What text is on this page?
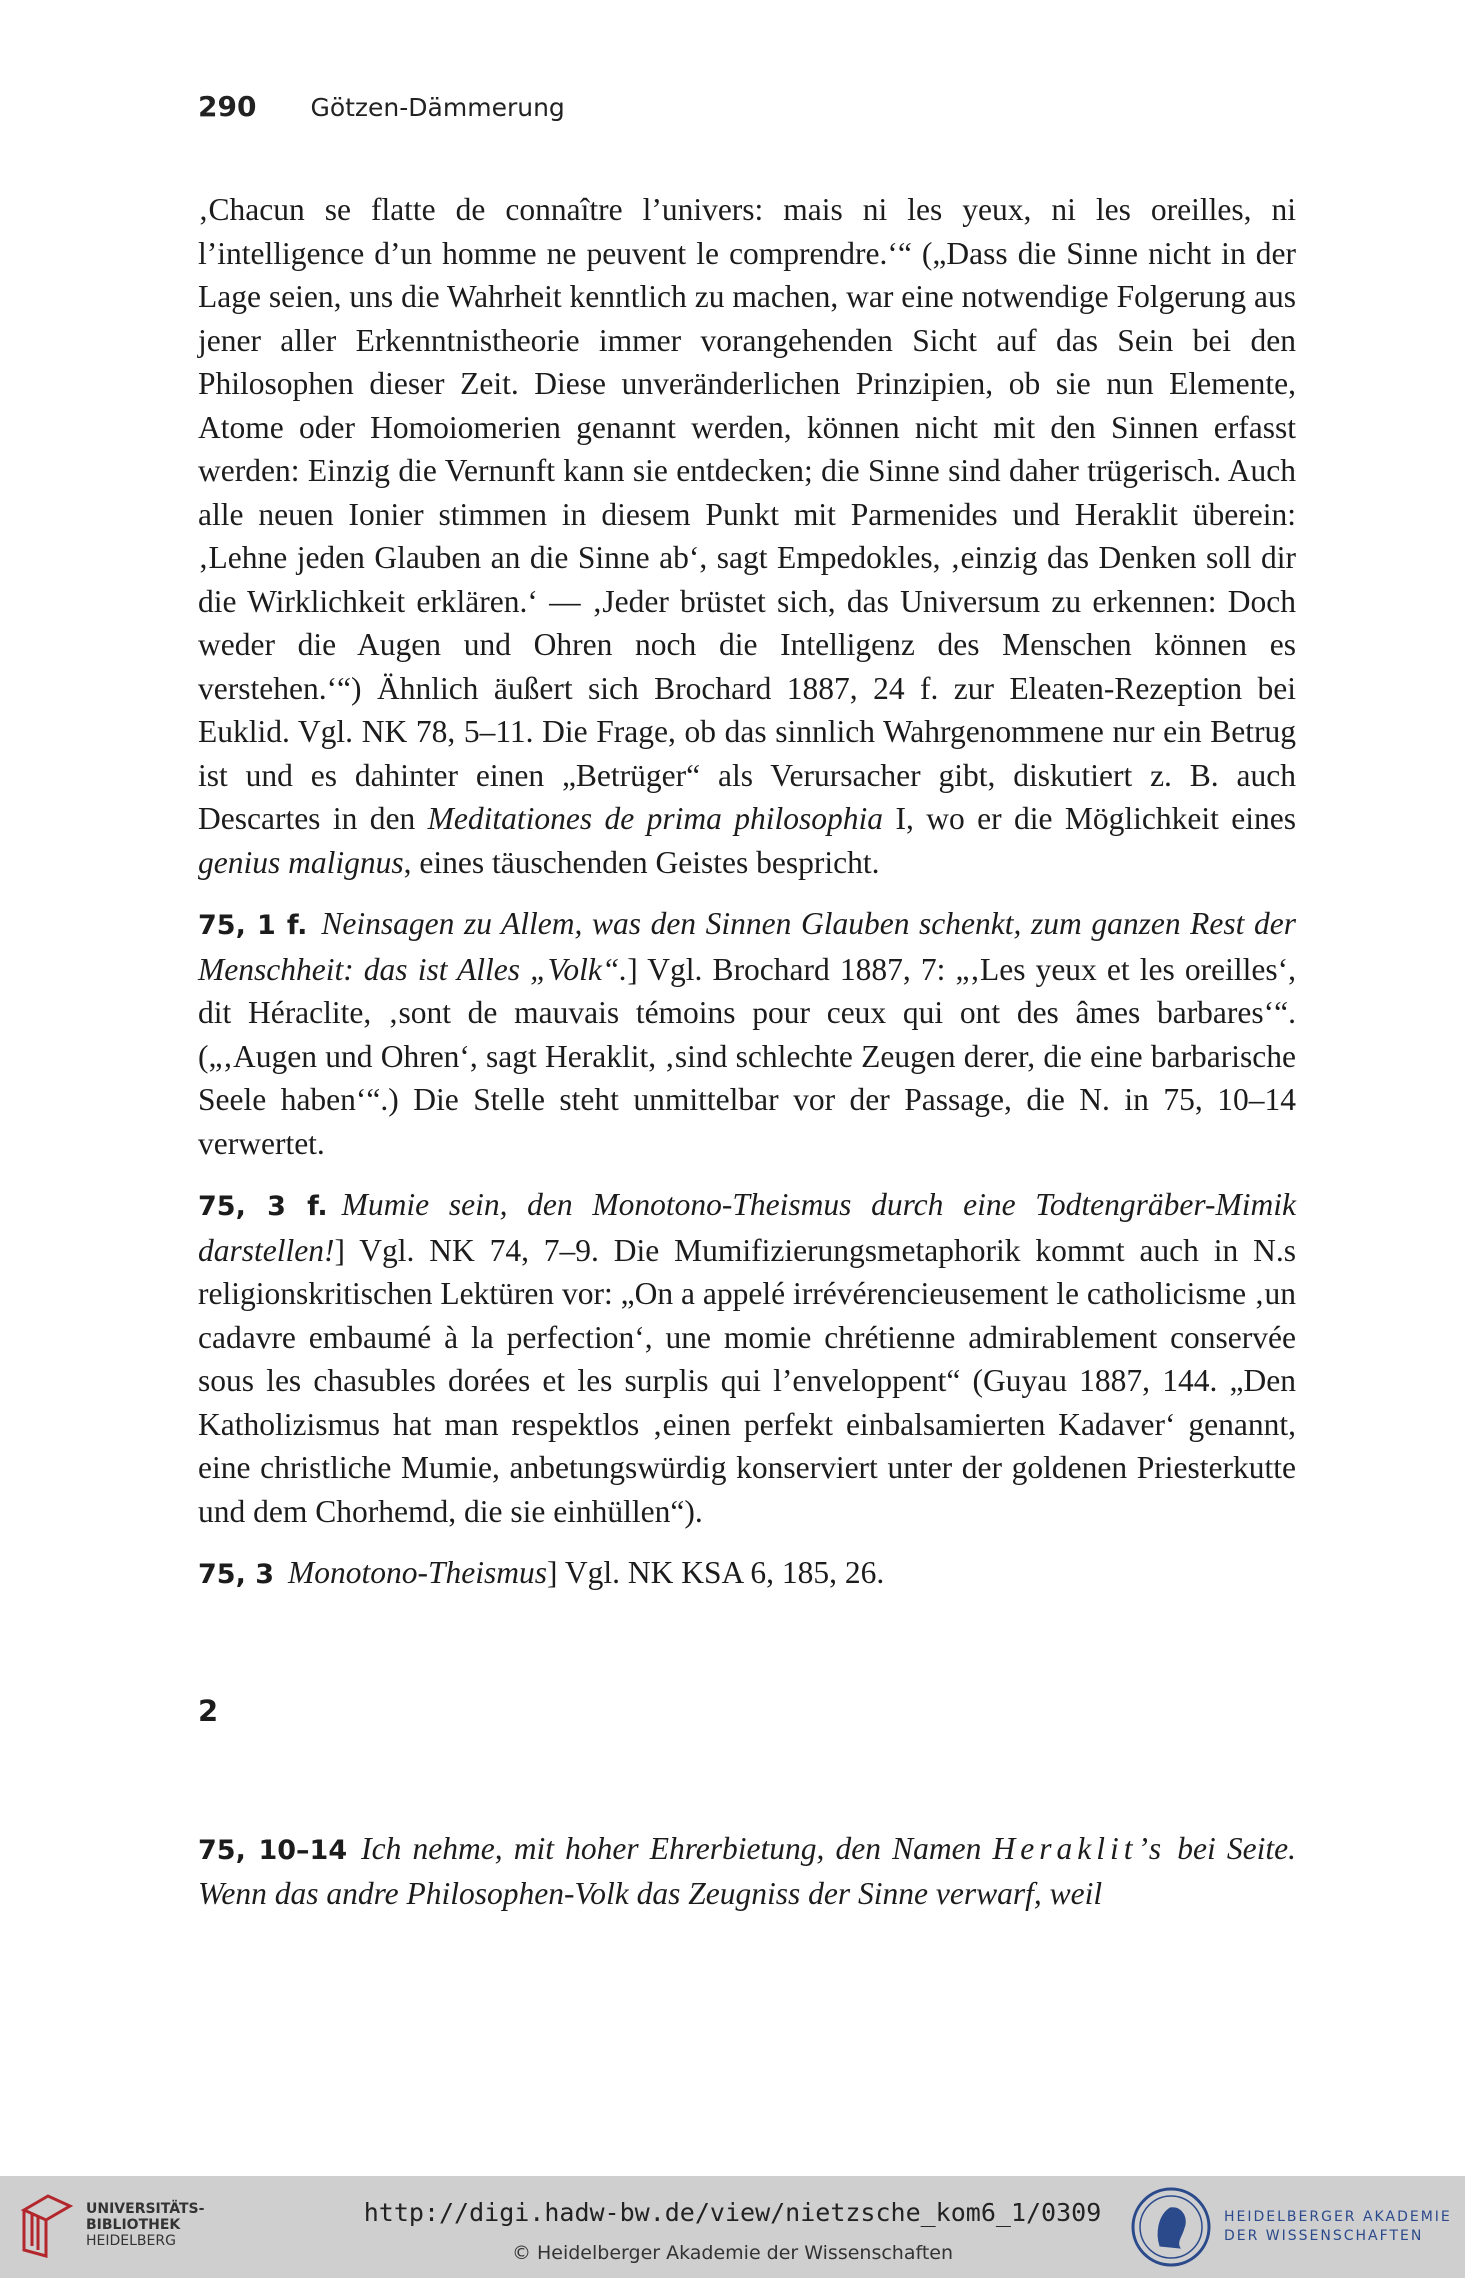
290 Götzen-Dämmerung

‚Chacun se flatte de connaître l’univers: mais ni les yeux, ni les oreilles, ni l’intelligence d’un homme ne peuvent le comprendre.‘“ („Dass die Sinne nicht in der Lage seien, uns die Wahrheit kenntlich zu machen, war eine notwendige Folgerung aus jener aller Erkenntnistheorie immer vorangehenden Sicht auf das Sein bei den Philosophen dieser Zeit. Diese unveränderlichen Prinzipien, ob sie nun Elemente, Atome oder Homoiomerien genannt werden, können nicht mit den Sinnen erfasst werden: Einzig die Vernunft kann sie entdecken; die Sinne sind daher trügerisch. Auch alle neuen Ionier stimmen in diesem Punkt mit Parmenides und Heraklit überein: ‚Lehne jeden Glauben an die Sinne ab‘, sagt Empedokles, ‚einzig das Denken soll dir die Wirklichkeit erklären.‘ — ‚Jeder brüstet sich, das Universum zu erkennen: Doch weder die Augen und Ohren noch die Intelligenz des Menschen können es verstehen.‘“) Ähnlich äußert sich Brochard 1887, 24 f. zur Eleaten-Rezeption bei Euklid. Vgl. NK 78, 5–11. Die Frage, ob das sinnlich Wahrgenommene nur ein Betrug ist und es dahinter einen „Betrüger“ als Verursacher gibt, diskutiert z. B. auch Descartes in den Meditationes de prima philosophia I, wo er die Möglichkeit eines genius malignus, eines täuschenden Geistes bespricht.

75, 1 f. Neinsagen zu Allem, was den Sinnen Glauben schenkt, zum ganzen Rest der Menschheit: das ist Alles „Volk“.] Vgl. Brochard 1887, 7: „‚Les yeux et les oreilles‘, dit Héraclite, ‚sont de mauvais témoins pour ceux qui ont des âmes barbares‘“. („‚Augen und Ohren‘, sagt Heraklit, ‚sind schlechte Zeugen derer, die eine barbarische Seele haben‘“.) Die Stelle steht unmittelbar vor der Passage, die N. in 75, 10–14 verwertet.

75, 3 f. Mumie sein, den Monotono-Theismus durch eine Todtengräber-Mimik darstellen!] Vgl. NK 74, 7–9. Die Mumifizierungsmetaphorik kommt auch in N.s religionskritischen Lektüren vor: „On a appelé irrévérencieusement le catholicisme ‚un cadavre embaumé à la perfection‘, une momie chrétienne admirablement conservée sous les chasubles dorées et les surplis qui l’enveloppent“ (Guyau 1887, 144. „Den Katholizismus hat man respektlos ‚einen perfekt einbalsamierten Kadaver‘ genannt, eine christliche Mumie, anbetungswürdig konserviert unter der goldenen Priesterkutte und dem Chorhemd, die sie einhüllen“).

75, 3 Monotono-Theismus] Vgl. NK KSA 6, 185, 26.

2

75, 10–14 Ich nehme, mit hoher Ehrerbietung, den Namen Heraklit’s bei Seite. Wenn das andre Philosophen-Volk das Zeugniss der Sinne verwarf, weil

UNIVERSITÄTS-
BIBLIOTHEK
HEIDELBERG
http://digi.hadw-bw.de/view/nietzsche_kom6_1/0309
© Heidelberger Akademie der Wissenschaften
HEIDELBERGER AKADEMIE
DER WISSENSCHAFTEN
